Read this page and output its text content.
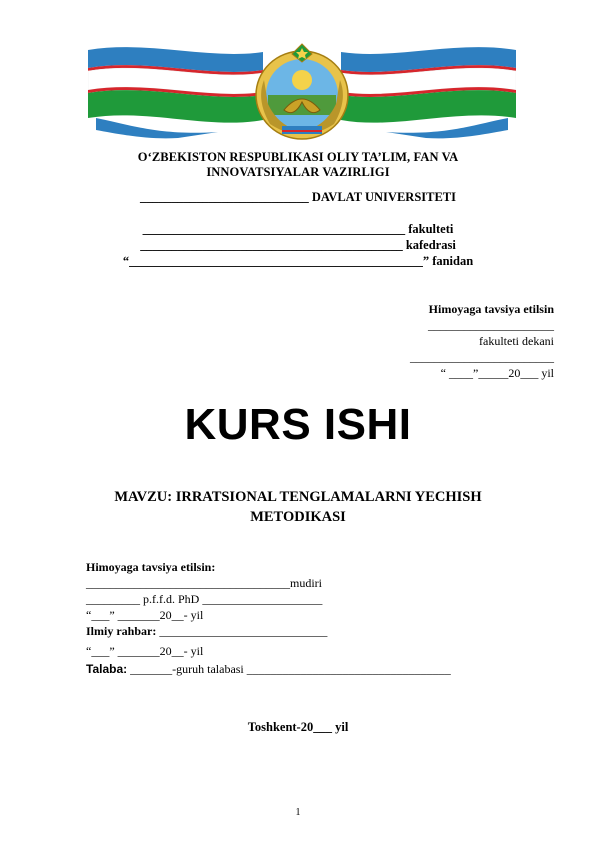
O‘ZBEKISTON RESPUBLIKASI OLIY TA’LIM, FAN VA
INNOVATSIYALAR VAZIRLIGI
___________________________ DAVLAT UNIVERSITETI
__________________________________________ fakulteti
__________________________________________ kafedrasi
“_______________________________________________” fanidan
Himoyaga tavsiya etilsin
_____________________
fakulteti dekani
________________________
“ ____”_____20___ yil
KURS ISHI
MAVZU: IRRATSIONAL TENGLAMALARNI YECHISH
METODIKASI
Himoyaga tavsiya etilsin:
__________________________________mudiri
_________ p.f.f.d. PhD ____________________
“___” _______20__- yil
Ilmiy rahbar: ____________________________
“___” _______20__- yil
Talaba: _______-guruh talabasi __________________________________
Toshkent-20___ yil
1
